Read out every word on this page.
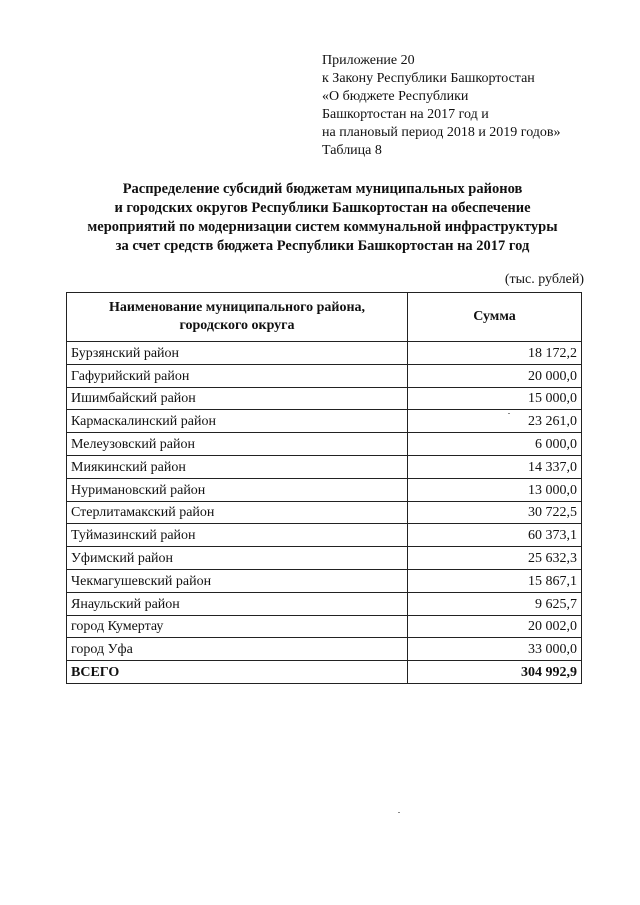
Приложение 20
к Закону Республики Башкортостан
«О бюджете Республики
Башкортостан на 2017 год и
на плановый период 2018 и 2019 годов»
Таблица 8
Распределение субсидий бюджетам муниципальных районов
и городских округов Республики Башкортостан на обеспечение
мероприятий по модернизации систем коммунальной инфраструктуры
за счет средств бюджета Республики Башкортостан на 2017 год
(тыс. рублей)
Наименование муниципального района,
городского округа	Сумма
Бурзянский район	18 172,2
Гафурийский район	20 000,0
Ишимбайский район	15 000,0
Кармаскалинский район	23 261,0
Мелеузовский район	6 000,0
Миякинский район	14 337,0
Нуримановский район	13 000,0
Стерлитамакский район	30 722,5
Туймазинский район	60 373,1
Уфимский район	25 632,3
Чекмагушевский район	15 867,1
Янаульский район	9 625,7
город Кумертау	20 002,0
город Уфа	33 000,0
ВСЕГО	304 992,9
